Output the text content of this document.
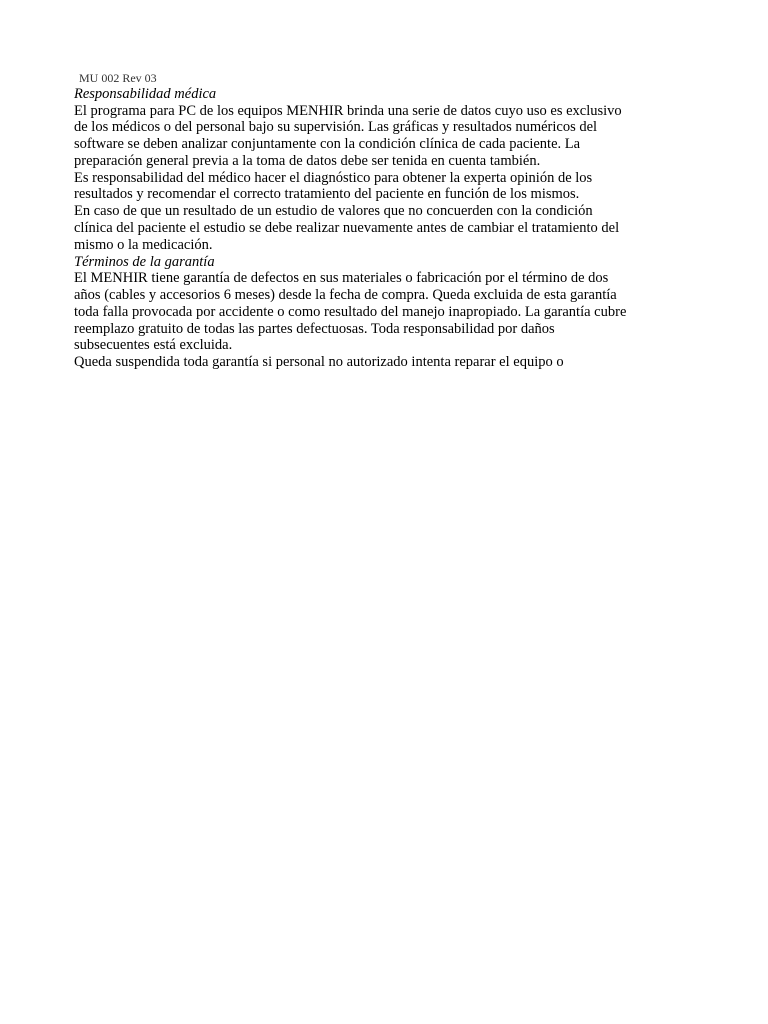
MU 002 Rev 03

Responsabilidad médica

El programa para PC de los equipos MENHIR brinda una serie de datos cuyo uso es exclusivo de los médicos o del personal bajo su supervisión. Las gráficas y resultados numéricos del software se deben analizar conjuntamente con la condición clínica de cada paciente. La preparación general previa a la toma de datos debe ser tenida en cuenta también.

Es responsabilidad del médico hacer el diagnóstico para obtener la experta opinión de los resultados y recomendar el correcto tratamiento del paciente en función de los mismos.

En caso de que un resultado de un estudio de valores que no concuerden con la condición clínica del paciente el estudio se debe realizar nuevamente antes de cambiar el tratamiento del mismo o la medicación.

Términos de la garantía

El MENHIR tiene garantía de defectos en sus materiales o fabricación por el término de dos años (cables y accesorios 6 meses) desde la fecha de compra. Queda excluida de esta garantía toda falla provocada por accidente o como resultado del manejo inapropiado. La garantía cubre reemplazo gratuito de todas las partes defectuosas. Toda responsabilidad por daños subsecuentes está excluida.

Queda suspendida toda garantía si personal no autorizado intenta reparar el equipo o
